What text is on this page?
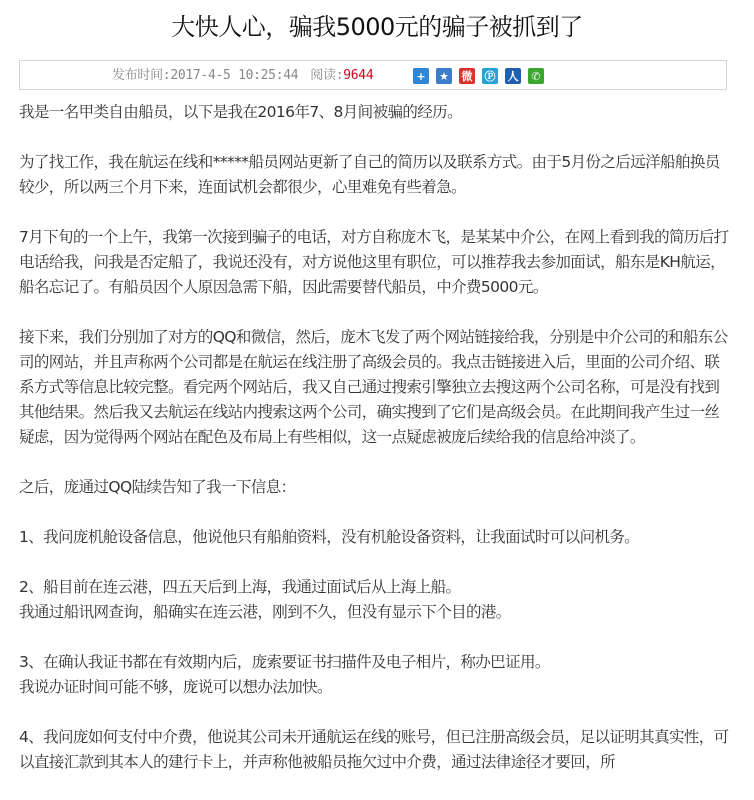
大快人心，骗我5000元的骗子被抓到了
发布时间:2017-4-5 10:25:44 阅读:9644	+	★ 微 Ⓟ 人	✆

我是一名甲类自由船员，以下是我在2016年7、8月间被骗的经历。

为了找工作，我在航运在线和*****船员网站更新了自己的简历以及联系方式。由于5月份之后远洋船舶换员较少，所以两三个月下来，连面试机会都很少，心里难免有些着急。

7月下旬的一个上午，我第一次接到骗子的电话，对方自称庞木飞，是某某中介公，在网上看到我的简历后打电话给我，问我是否定船了，我说还没有，对方说他这里有职位，可以推荐我去参加面试，船东是KH航运，船名忘记了。有船员因个人原因急需下船，因此需要替代船员，中介费5000元。

接下来，我们分别加了对方的QQ和微信，然后，庞木飞发了两个网站链接给我，分别是中介公司的和船东公司的网站，并且声称两个公司都是在航运在线注册了高级会员的。我点击链接进入后，里面的公司介绍、联系方式等信息比较完整。看完两个网站后，我又自己通过搜索引擎独立去搜这两个公司名称，可是没有找到其他结果。然后我又去航运在线站内搜索这两个公司，确实搜到了它们是高级会员。在此期间我产生过一丝疑虑，因为觉得两个网站在配色及布局上有些相似，这一点疑虑被庞后续给我的信息给冲淡了。

之后，庞通过QQ陆续告知了我一下信息：

1、我问庞机舱设备信息，他说他只有船舶资料，没有机舱设备资料，让我面试时可以问机务。

2、船目前在连云港，四五天后到上海，我通过面试后从上海上船。
我通过船讯网查询，船确实在连云港，刚到不久，但没有显示下个目的港。

3、在确认我证书都在有效期内后，庞索要证书扫描件及电子相片，称办巴证用。
我说办证时间可能不够，庞说可以想办法加快。

4、我问庞如何支付中介费，他说其公司未开通航运在线的账号，但已注册高级会员，足以证明其真实性，可以直接汇款到其本人的建行卡上，并声称他被船员拖欠过中介费，通过法律途径才要回，所
